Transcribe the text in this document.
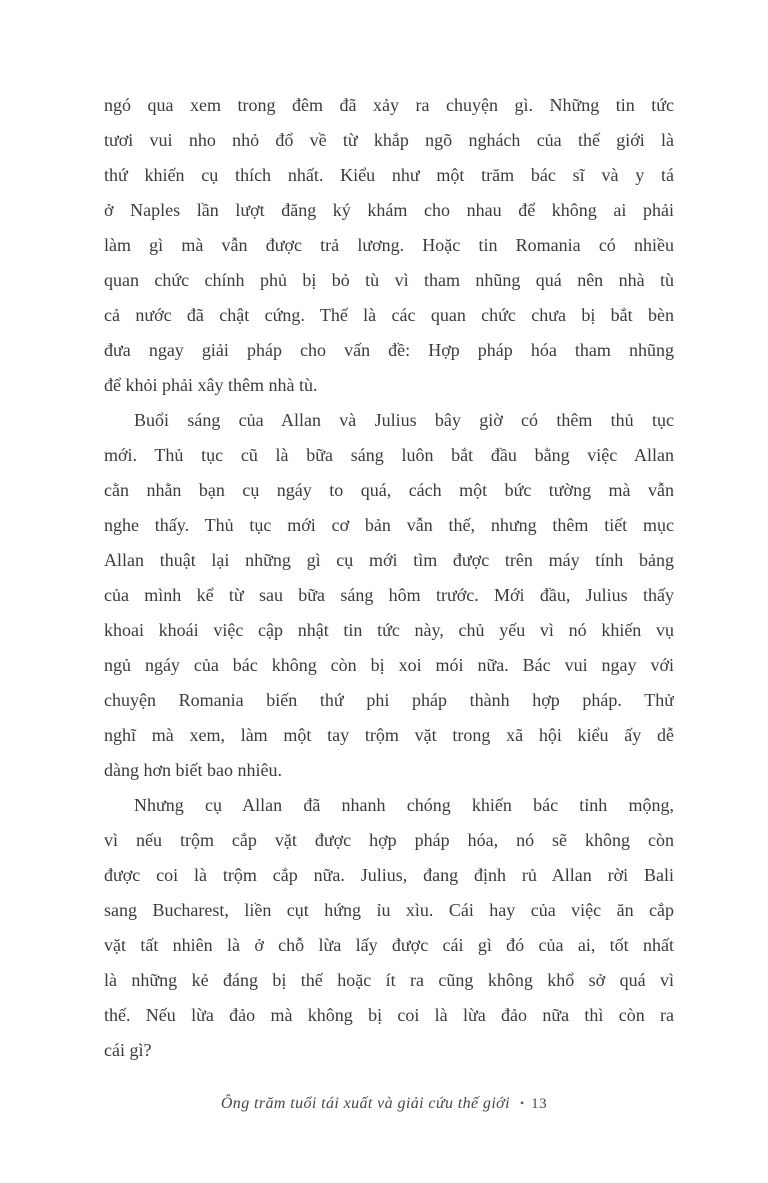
ngó qua xem trong đêm đã xảy ra chuyện gì. Những tin tức
tươi vui nho nhỏ đổ về từ khắp ngõ nghách của thế giới là
thứ khiến cụ thích nhất. Kiểu như một trăm bác sĩ và y tá
ở Naples lần lượt đăng ký khám cho nhau để không ai phải
làm gì mà vẫn được trả lương. Hoặc tin Romania có nhiều
quan chức chính phủ bị bỏ tù vì tham nhũng quá nên nhà tù
cả nước đã chật cứng. Thế là các quan chức chưa bị bắt bèn
đưa ngay giải pháp cho vấn đề: Hợp pháp hóa tham nhũng
để khỏi phải xây thêm nhà tù.
Buổi sáng của Allan và Julius bây giờ có thêm thủ tục
mới. Thủ tục cũ là bữa sáng luôn bắt đầu bằng việc Allan
cằn nhằn bạn cụ ngáy to quá, cách một bức tường mà vẫn
nghe thấy. Thủ tục mới cơ bản vẫn thế, nhưng thêm tiết mục
Allan thuật lại những gì cụ mới tìm được trên máy tính bảng
của mình kể từ sau bữa sáng hôm trước. Mới đầu, Julius thấy
khoai khoái việc cập nhật tin tức này, chủ yếu vì nó khiến vụ
ngủ ngáy của bác không còn bị xoi mói nữa. Bác vui ngay với
chuyện Romania biến thứ phi pháp thành hợp pháp. Thử
nghĩ mà xem, làm một tay trộm vặt trong xã hội kiểu ấy dễ
dàng hơn biết bao nhiêu.
Nhưng cụ Allan đã nhanh chóng khiến bác tỉnh mộng,
vì nếu trộm cắp vặt được hợp pháp hóa, nó sẽ không còn
được coi là trộm cắp nữa. Julius, đang định rủ Allan rời Bali
sang Bucharest, liền cụt hứng ỉu xìu. Cái hay của việc ăn cắp
vặt tất nhiên là ở chỗ lừa lấy được cái gì đó của ai, tốt nhất
là những kẻ đáng bị thế hoặc ít ra cũng không khổ sở quá vì
thế. Nếu lừa đảo mà không bị coi là lừa đảo nữa thì còn ra
cái gì?
Ông trăm tuổi tái xuất và giải cứu thế giới • 13
